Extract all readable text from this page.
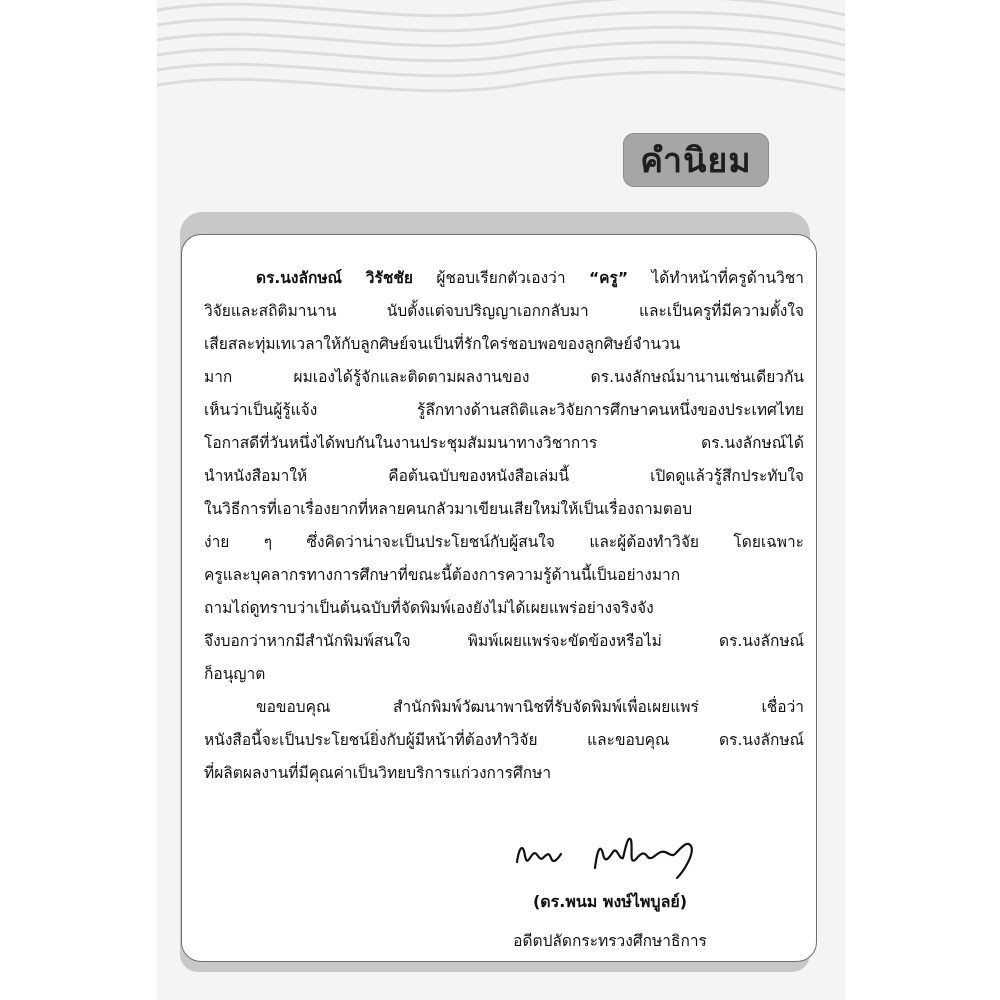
คำนิยม
ดร.นงลักษณ์ วิรัชชัย ผู้ชอบเรียกตัวเองว่า “ครู” ได้ทำหน้าที่ครูด้านวิชา
วิจัยและสถิติมานาน นับตั้งแต่จบปริญญาเอกกลับมา และเป็นครูที่มีความตั้งใจ
เสียสละทุ่มเทเวลาให้กับลูกศิษย์จนเป็นที่รักใคร่ชอบพอของลูกศิษย์จำนวน
มาก ผมเองได้รู้จักและติดตามผลงานของ ดร.นงลักษณ์มานานเช่นเดียวกัน
เห็นว่าเป็นผู้รู้แจ้ง รู้ลึกทางด้านสถิติและวิจัยการศึกษาคนหนึ่งของประเทศไทย
โอกาสดีที่วันหนึ่งได้พบกันในงานประชุมสัมมนาทางวิชาการ ดร.นงลักษณ์ได้
นำหนังสือมาให้ คือต้นฉบับของหนังสือเล่มนี้ เปิดดูแล้วรู้สึกประทับใจ
ในวิธีการที่เอาเรื่องยากที่หลายคนกลัวมาเขียนเสียใหม่ให้เป็นเรื่องถามตอบ
ง่าย ๆ ซึ่งคิดว่าน่าจะเป็นประโยชน์กับผู้สนใจ และผู้ต้องทำวิจัย โดยเฉพาะ
ครูและบุคลากรทางการศึกษาที่ขณะนี้ต้องการความรู้ด้านนี้เป็นอย่างมาก
ถามไถ่ดูทราบว่าเป็นต้นฉบับที่จัดพิมพ์เองยังไม่ได้เผยแพร่อย่างจริงจัง
จึงบอกว่าหากมีสำนักพิมพ์สนใจ พิมพ์เผยแพร่จะขัดข้องหรือไม่ ดร.นงลักษณ์
ก็อนุญาต
ขอขอบคุณ สำนักพิมพ์วัฒนาพานิชที่รับจัดพิมพ์เพื่อเผยแพร่ เชื่อว่า
หนังสือนี้จะเป็นประโยชน์ยิ่งกับผู้มีหน้าที่ต้องทำวิจัย และขอบคุณ ดร.นงลักษณ์
ที่ผลิตผลงานที่มีคุณค่าเป็นวิทยบริการแก่วงการศึกษา
(ดร.พนม พงษ์ไพบูลย์)
อดีตปลัดกระทรวงศึกษาธิการ
